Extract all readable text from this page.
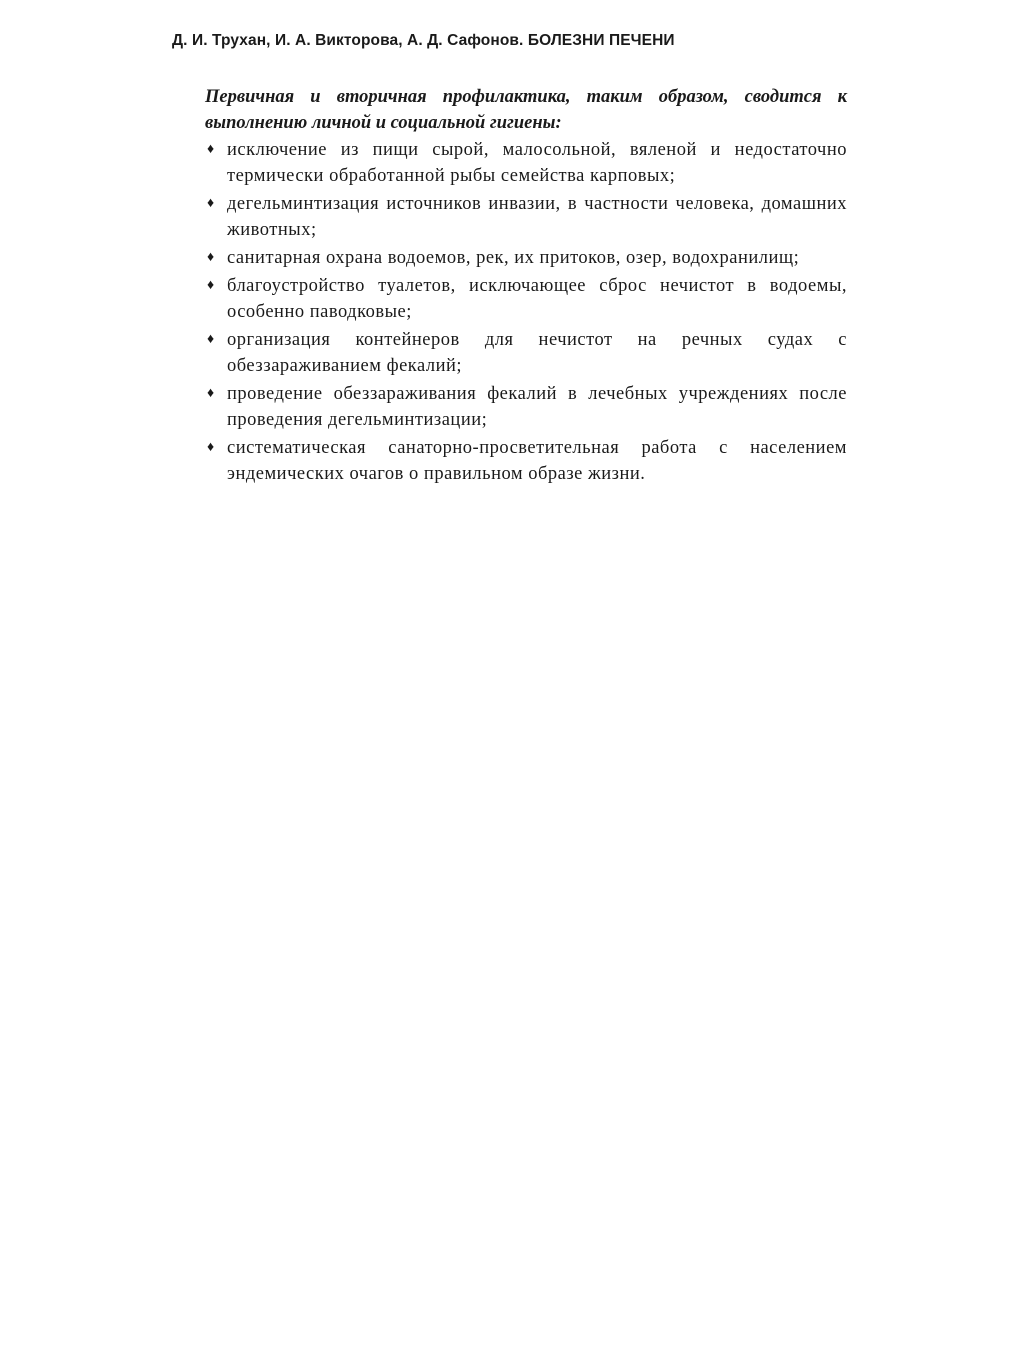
Д. И. Трухан, И. А. Викторова, А. Д. Сафонов. БОЛЕЗНИ ПЕЧЕНИ

Первичная и вторичная профилактика, таким образом, сводится к выполнению личной и социальной гигиены:

♦ исключение из пищи сырой, малосольной, вяленой и недостаточно термически обработанной рыбы семейства карповых;
♦ дегельминтизация источников инвазии, в частности человека, домашних животных;
♦ санитарная охрана водоемов, рек, их притоков, озер, водохранилищ;
♦ благоустройство туалетов, исключающее сброс нечистот в водоемы, особенно паводковые;
♦ организация контейнеров для нечистот на речных судах с обеззараживанием фекалий;
♦ проведение обеззараживания фекалий в лечебных учреждениях после проведения дегельминтизации;
♦ систематическая санаторно-просветительная работа с населением эндемических очагов о правильном образе жизни.
